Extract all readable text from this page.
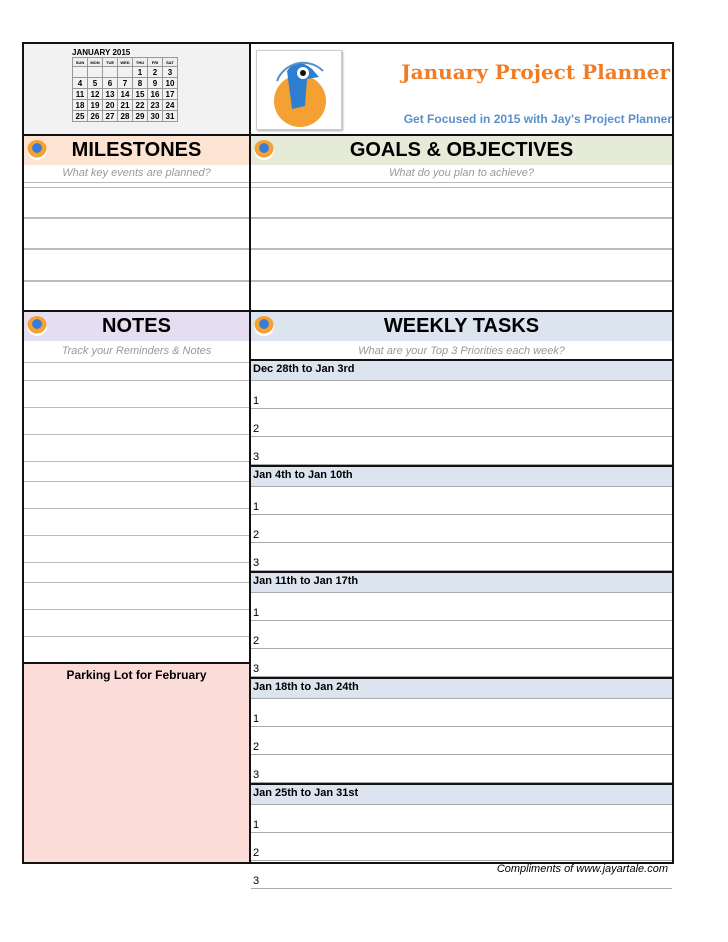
JANUARY 2015
SUN	MON	TUE	WED	THU	FRI	SAT
				1	2	3
4	5	6	7	8	9	10
11	12	13	14	15	16	17
18	19	20	21	22	23	24
25	26	27	28	29	30	31
January Project Planner
Get Focused in 2015 with Jay's Project Planner
MILESTONES	GOALS & OBJECTIVES
What key events are planned?	What do you plan to achieve?
NOTES	WEEKLY TASKS
Track your Reminders & Notes	What are your Top 3 Priorities each week?
Parking Lot for February
Dec 28th to Jan 3rd
1
2
3
Jan 4th to Jan 10th
1
2
3
Jan 11th to Jan 17th
1
2
3
Jan 18th to Jan 24th
1
2
3
Jan 25th to Jan 31st
1
2
3
Compliments of www.jayartale.com
